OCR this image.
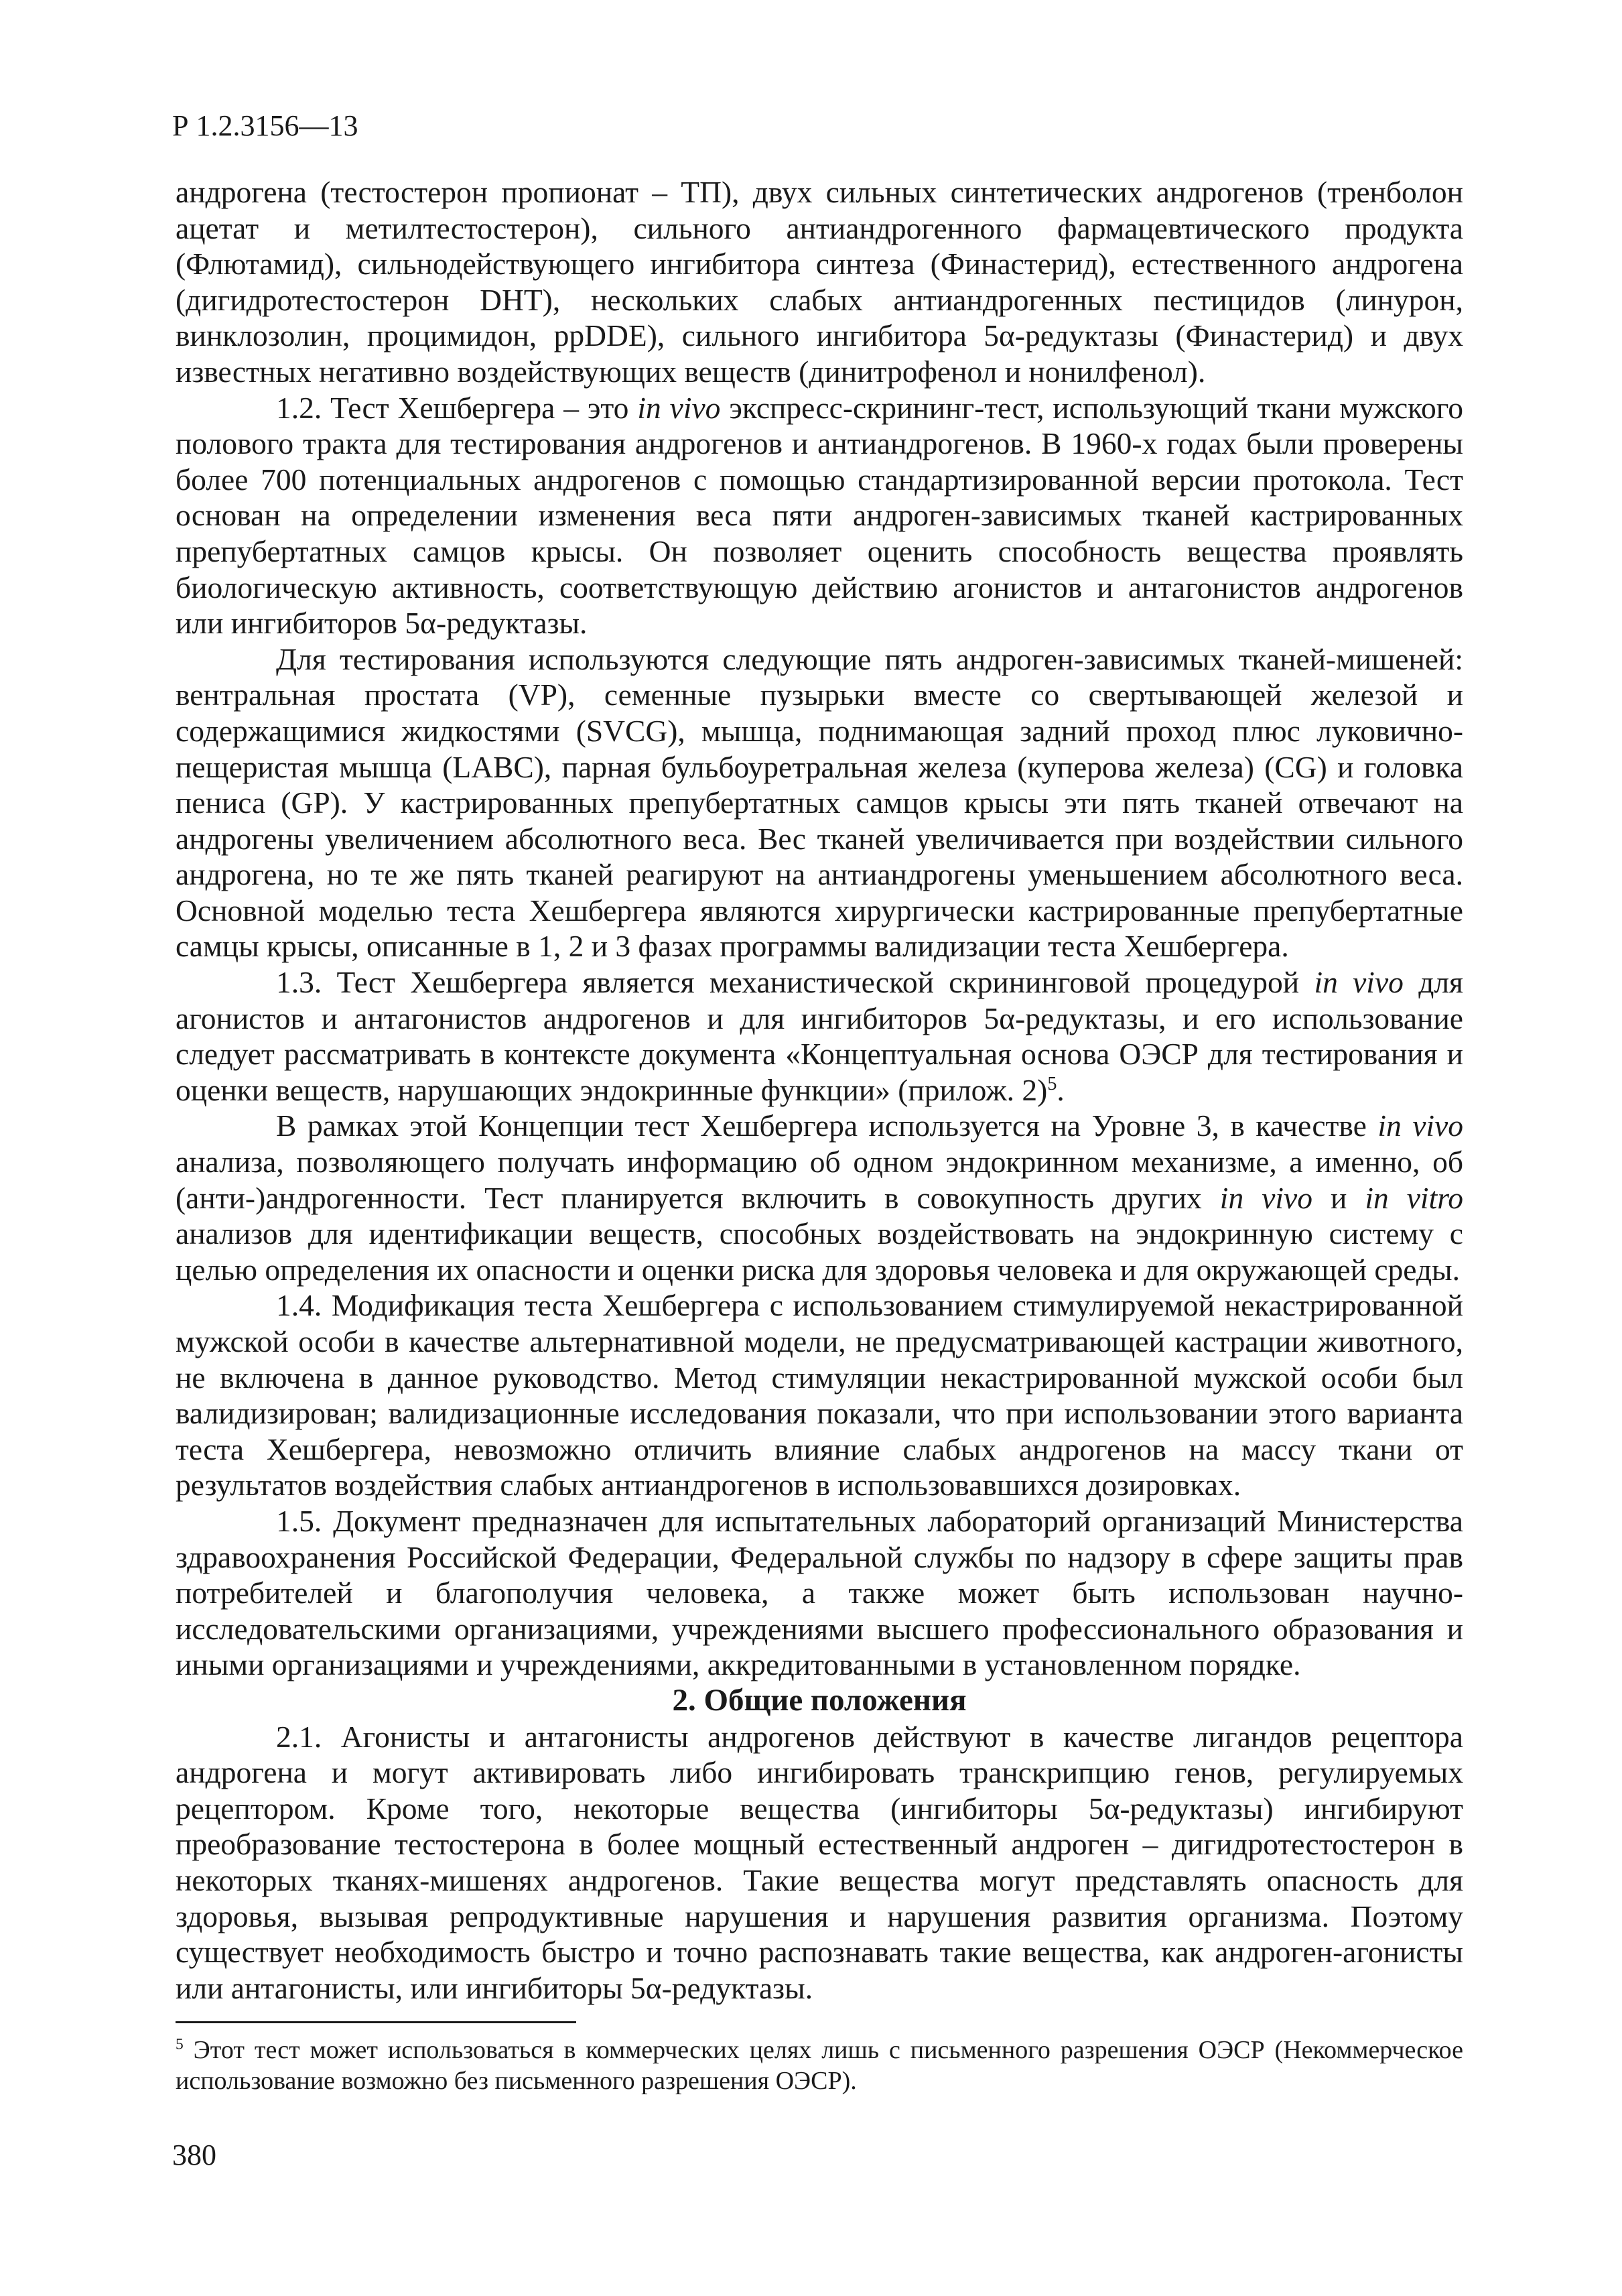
Р 1.2.3156—13

андрогена (тестостерон пропионат – ТП), двух сильных синтетических андрогенов (тренболон ацетат и метилтестостерон), сильного антиандрогенного фармацевтического продукта (Флютамид), сильнодействующего ингибитора синтеза (Финастерид), естественного андрогена (дигидротестостерон DHT), нескольких слабых антиандрогенных пестицидов (линурон, винклозолин, процимидон, ppDDE), сильного ингибитора 5α-редуктазы (Финастерид) и двух известных негативно воздействующих веществ (динитрофенол и нонилфенол).

1.2. Тест Хешбергера – это in vivo экспресс-скрининг-тест, использующий ткани мужского полового тракта для тестирования андрогенов и антиандрогенов. В 1960-х годах были проверены более 700 потенциальных андрогенов с помощью стандартизированной версии протокола. Тест основан на определении изменения веса пяти андроген-зависимых тканей кастрированных препубертатных самцов крысы. Он позволяет оценить способность вещества проявлять биологическую активность, соответствующую действию агонистов и антагонистов андрогенов или ингибиторов 5α-редуктазы.

Для тестирования используются следующие пять андроген-зависимых тканей-мишеней: вентральная простата (VP), семенные пузырьки вместе со свертывающей железой и содержащимися жидкостями (SVCG), мышца, поднимающая задний проход плюс луковично-пещеристая мышца (LABC), парная бульбоуретральная железа (куперова железа) (CG) и головка пениса (GP). У кастрированных препубертатных самцов крысы эти пять тканей отвечают на андрогены увеличением абсолютного веса. Вес тканей увеличивается при воздействии сильного андрогена, но те же пять тканей реагируют на антиандрогены уменьшением абсолютного веса. Основной моделью теста Хешбергера являются хирургически кастрированные препубертатные самцы крысы, описанные в 1, 2 и 3 фазах программы валидизации теста Хешбергера.

1.3. Тест Хешбергера является механистической скрининговой процедурой in vivo для агонистов и антагонистов андрогенов и для ингибиторов 5α-редуктазы, и его использование следует рассматривать в контексте документа «Концептуальная основа ОЭСР для тестирования и оценки веществ, нарушающих эндокринные функции» (прилож. 2)$^5$.

В рамках этой Концепции тест Хешбергера используется на Уровне 3, в качестве in vivo анализа, позволяющего получать информацию об одном эндокринном механизме, а именно, об (анти-)андрогенности. Тест планируется включить в совокупность других in vivo и in vitro анализов для идентификации веществ, способных воздействовать на эндокринную систему с целью определения их опасности и оценки риска для здоровья человека и для окружающей среды.

1.4. Модификация теста Хешбергера с использованием стимулируемой некастрированной мужской особи в качестве альтернативной модели, не предусматривающей кастрации животного, не включена в данное руководство. Метод стимуляции некастрированной мужской особи был валидизирован; валидизационные исследования показали, что при использовании этого варианта теста Хешбергера, невозможно отличить влияние слабых андрогенов на массу ткани от результатов воздействия слабых антиандрогенов в использовавшихся дозировках.

1.5. Документ предназначен для испытательных лабораторий организаций Министерства здравоохранения Российской Федерации, Федеральной службы по надзору в сфере защиты прав потребителей и благополучия человека, а также может быть использован научно-исследовательскими организациями, учреждениями высшего профессионального образования и иными организациями и учреждениями, аккредитованными в установленном порядке.

2. Общие положения

2.1. Агонисты и антагонисты андрогенов действуют в качестве лигандов рецептора андрогена и могут активировать либо ингибировать транскрипцию генов, регулируемых рецептором. Кроме того, некоторые вещества (ингибиторы 5α-редуктазы) ингибируют преобразование тестостерона в более мощный естественный андроген – дигидротестостерон в некоторых тканях-мишенях андрогенов. Такие вещества могут представлять опасность для здоровья, вызывая репродуктивные нарушения и нарушения развития организма. Поэтому существует необходимость быстро и точно распознавать такие вещества, как андроген-агонисты или антагонисты, или ингибиторы 5α-редуктазы.

$^5$ Этот тест может использоваться в коммерческих целях лишь с письменного разрешения ОЭСР (Некоммерческое использование возможно без письменного разрешения ОЭСР).
380
